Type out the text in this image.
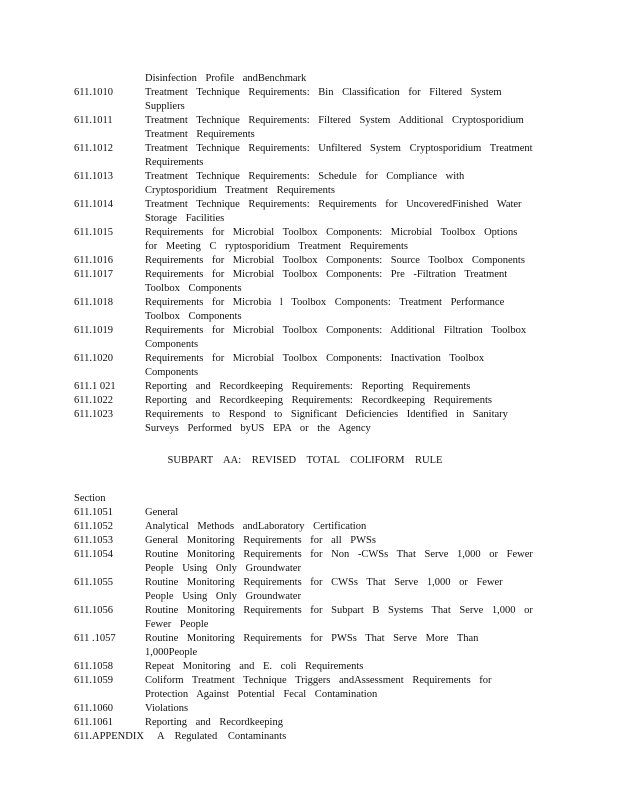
Disinfection Profile andBenchmark
611.1010	Treatment Technique Requirements: Bin Classification for Filtered System Suppliers
611.1011	Treatment Technique Requirements: Filtered System Additional Cryptosporidium Treatment Requirements
611.1012	Treatment Technique Requirements: Unfiltered System Cryptosporidium Treatment Requirements
611.1013	Treatment Technique Requirements: Schedule for Compliance with Cryptosporidium Treatment Requirements
611.1014	Treatment Technique Requirements: Requirements for UncoveredFinished Water Storage Facilities
611.1015	Requirements for Microbial Toolbox Components: Microbial Toolbox Options for Meeting C ryptosporidium Treatment Requirements
611.1016	Requirements for Microbial Toolbox Components: Source Toolbox Components
611.1017	Requirements for Microbial Toolbox Components: Pre -Filtration Treatment Toolbox Components
611.1018	Requirements for Microbia l Toolbox Components: Treatment Performance Toolbox Components
611.1019	Requirements for Microbial Toolbox Components: Additional Filtration Toolbox Components
611.1020	Requirements for Microbial Toolbox Components: Inactivation Toolbox Components
611.1 021	Reporting and Recordkeeping Requirements: Reporting Requirements
611.1022	Reporting and Recordkeeping Requirements: Recordkeeping Requirements
611.1023	Requirements to Respond to Significant Deficiencies Identified in Sanitary Surveys Performed byUS EPA or the Agency
SUBPART AA: REVISED TOTAL COLIFORM RULE
Section
611.1051	General
611.1052	Analytical Methods andLaboratory Certification
611.1053	General Monitoring Requirements for all PWSs
611.1054	Routine Monitoring Requirements for Non -CWSs That Serve 1,000 or Fewer People Using Only Groundwater
611.1055	Routine Monitoring Requirements for CWSs That Serve 1,000 or Fewer People Using Only Groundwater
611.1056	Routine Monitoring Requirements for Subpart B Systems That Serve 1,000 or Fewer People
611 .1057	Routine Monitoring Requirements for PWSs That Serve More Than 1,000People
611.1058	Repeat Monitoring and E. coli Requirements
611.1059	Coliform Treatment Technique Triggers andAssessment Requirements for Protection Against Potential Fecal Contamination
611.1060	Violations
611.1061	Reporting and Recordkeeping
611.APPENDIX A Regulated Contaminants
